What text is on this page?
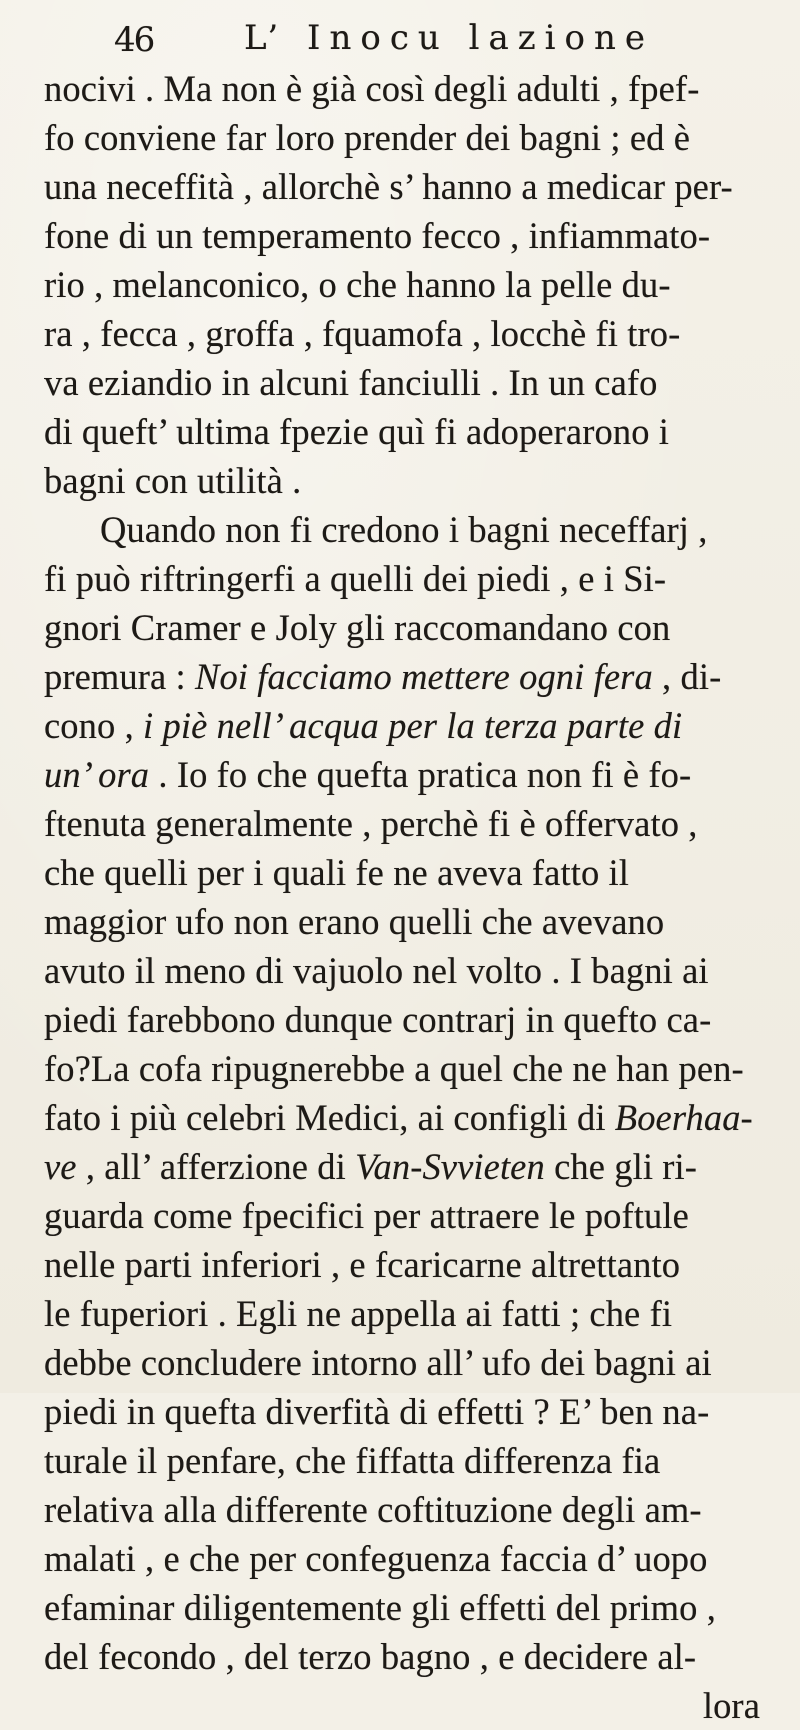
46	L’ Inocu lazione
nocivi . Ma non è già così degli adulti , fpef-
fo conviene far loro prender dei bagni ; ed è
una neceffità , allorchè s’ hanno a medicar per-
fone di un temperamento fecco , infiammato-
rio , melanconico, o che hanno la pelle du-
ra , fecca , groffa , fquamofa , locchè fi tro-
va eziandio in alcuni fanciulli . In un cafo
di queft’ ultima fpezie quì fi adoperarono i
bagni con utilità .
Quando non fi credono i bagni neceffarj ,
fi può riftringerfi a quelli dei piedi , e i Si-
gnori Cramer e Joly gli raccomandano con
premura : Noi facciamo mettere ogni fera , di-
cono , i piè nell’ acqua per la terza parte di
un’ ora . Io fo che quefta pratica non fi è fo-
ftenuta generalmente , perchè fi è offervato ,
che quelli per i quali fe ne aveva fatto il
maggior ufo non erano quelli che avevano
avuto il meno di vajuolo nel volto . I bagni ai
piedi farebbono dunque contrarj in quefto ca-
fo?La cofa ripugnerebbe a quel che ne han pen-
fato i più celebri Medici, ai configli di Boerhaa-
ve , all’ afferzione di Van-Svvieten che gli ri-
guarda come fpecifici per attraere le poftule
nelle parti inferiori , e fcaricarne altrettanto
le fuperiori . Egli ne appella ai fatti ; che fi
debbe concludere intorno all’ ufo dei bagni ai
piedi in quefta diverfità di effetti ? E’ ben na-
turale il penfare, che fiffatta differenza fia
relativa alla differente coftituzione degli am-
malati , e che per confeguenza faccia d’ uopo
efaminar diligentemente gli effetti del primo ,
del fecondo , del terzo bagno , e decidere al-
lora
